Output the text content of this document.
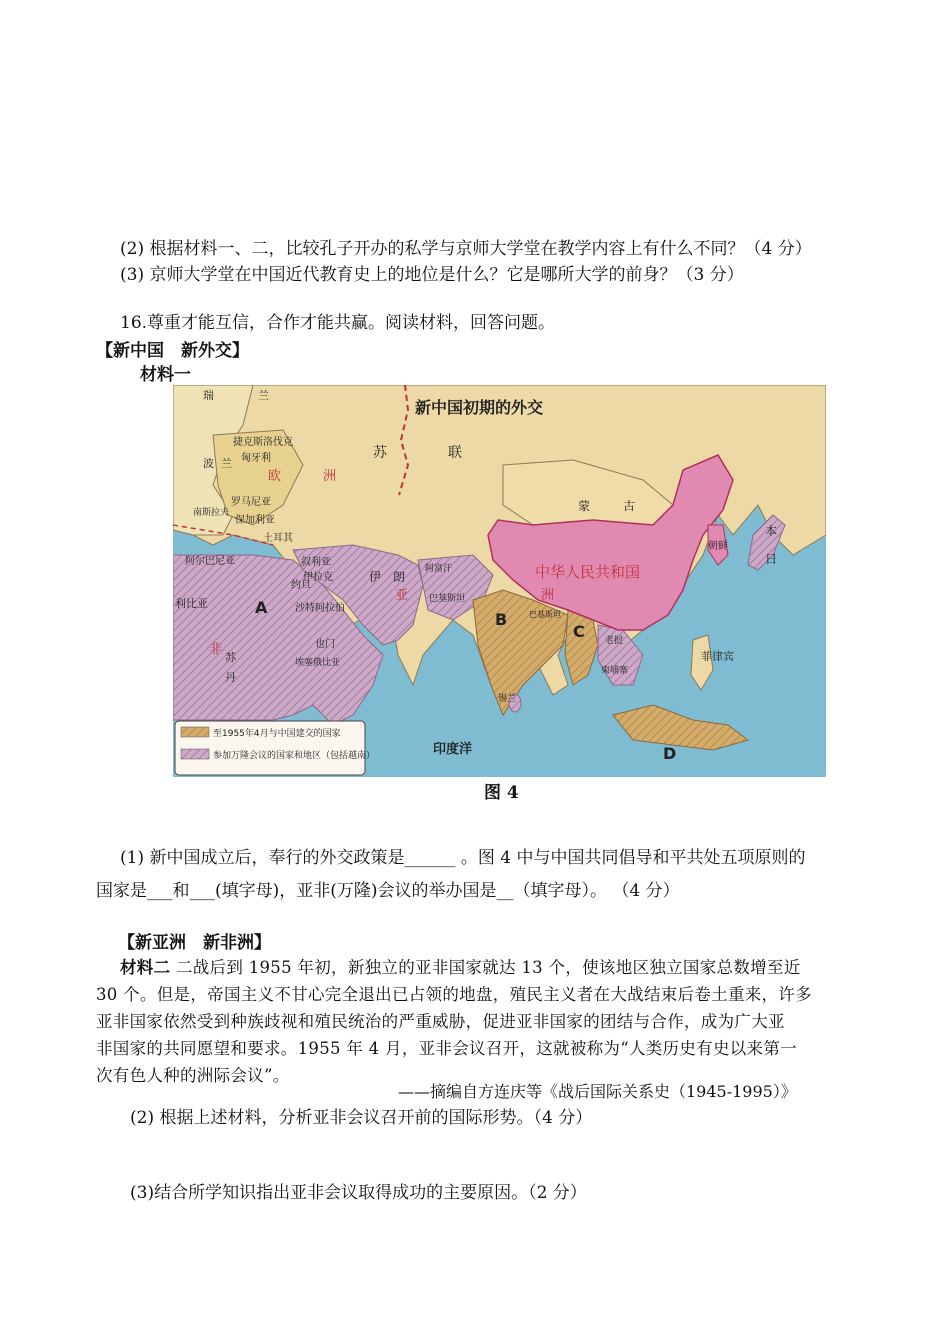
(2) 根据材料一、二，比较孔子开办的私学与京师大学堂在教学内容上有什么不同？（4 分）
(3) 京师大学堂在中国近代教育史上的地位是什么？它是哪所大学的前身？（3 分）
16.尊重才能互信，合作才能共赢。阅读材料，回答问题。
【新中国　新外交】
材料一
新中国初期的外交
瑞	兰
捷克斯洛伐克
匈牙利
波 兰
欧	洲
苏	联
蒙	古
罗马尼亚
保加利亚
南斯拉夫
土耳其
阿尔巴尼亚	叙利亚
伊拉克
约旦
伊 朗
阿富汗
巴基斯坦
亚	洲
中华人民共和国
朝鲜
日
本
利比亚	A
B
C
D
沙特阿拉伯
非
苏
丹
也门
埃塞俄比亚
巴基斯坦
老挝
柬埔寨
菲律宾
锡兰
印度洋
至1955年4月与中国建交的国家
参加万隆会议的国家和地区（包括越南）
图 4
(1) 新中国成立后，奉行的外交政策是______ 。图 4 中与中国共同倡导和平共处五项原则的
国家是___和___(填字母)，亚非(万隆)会议的举办国是__（填字母）。 （4 分）
【新亚洲　新非洲】
材料二 二战后到 1955 年初，新独立的亚非国家就达 13 个，使该地区独立国家总数增至近
30 个。但是，帝国主义不甘心完全退出已占领的地盘，殖民主义者在大战结束后卷土重来，许多
亚非国家依然受到种族歧视和殖民统治的严重威胁，促进亚非国家的团结与合作，成为广大亚
非国家的共同愿望和要求。1955 年 4 月，亚非会议召开，这就被称为“人类历史有史以来第一
次有色人种的洲际会议”。
——摘编自方连庆等《战后国际关系史（1945-1995）》
(2) 根据上述材料，分析亚非会议召开前的国际形势。（4 分）
(3)结合所学知识指出亚非会议取得成功的主要原因。（2 分）
